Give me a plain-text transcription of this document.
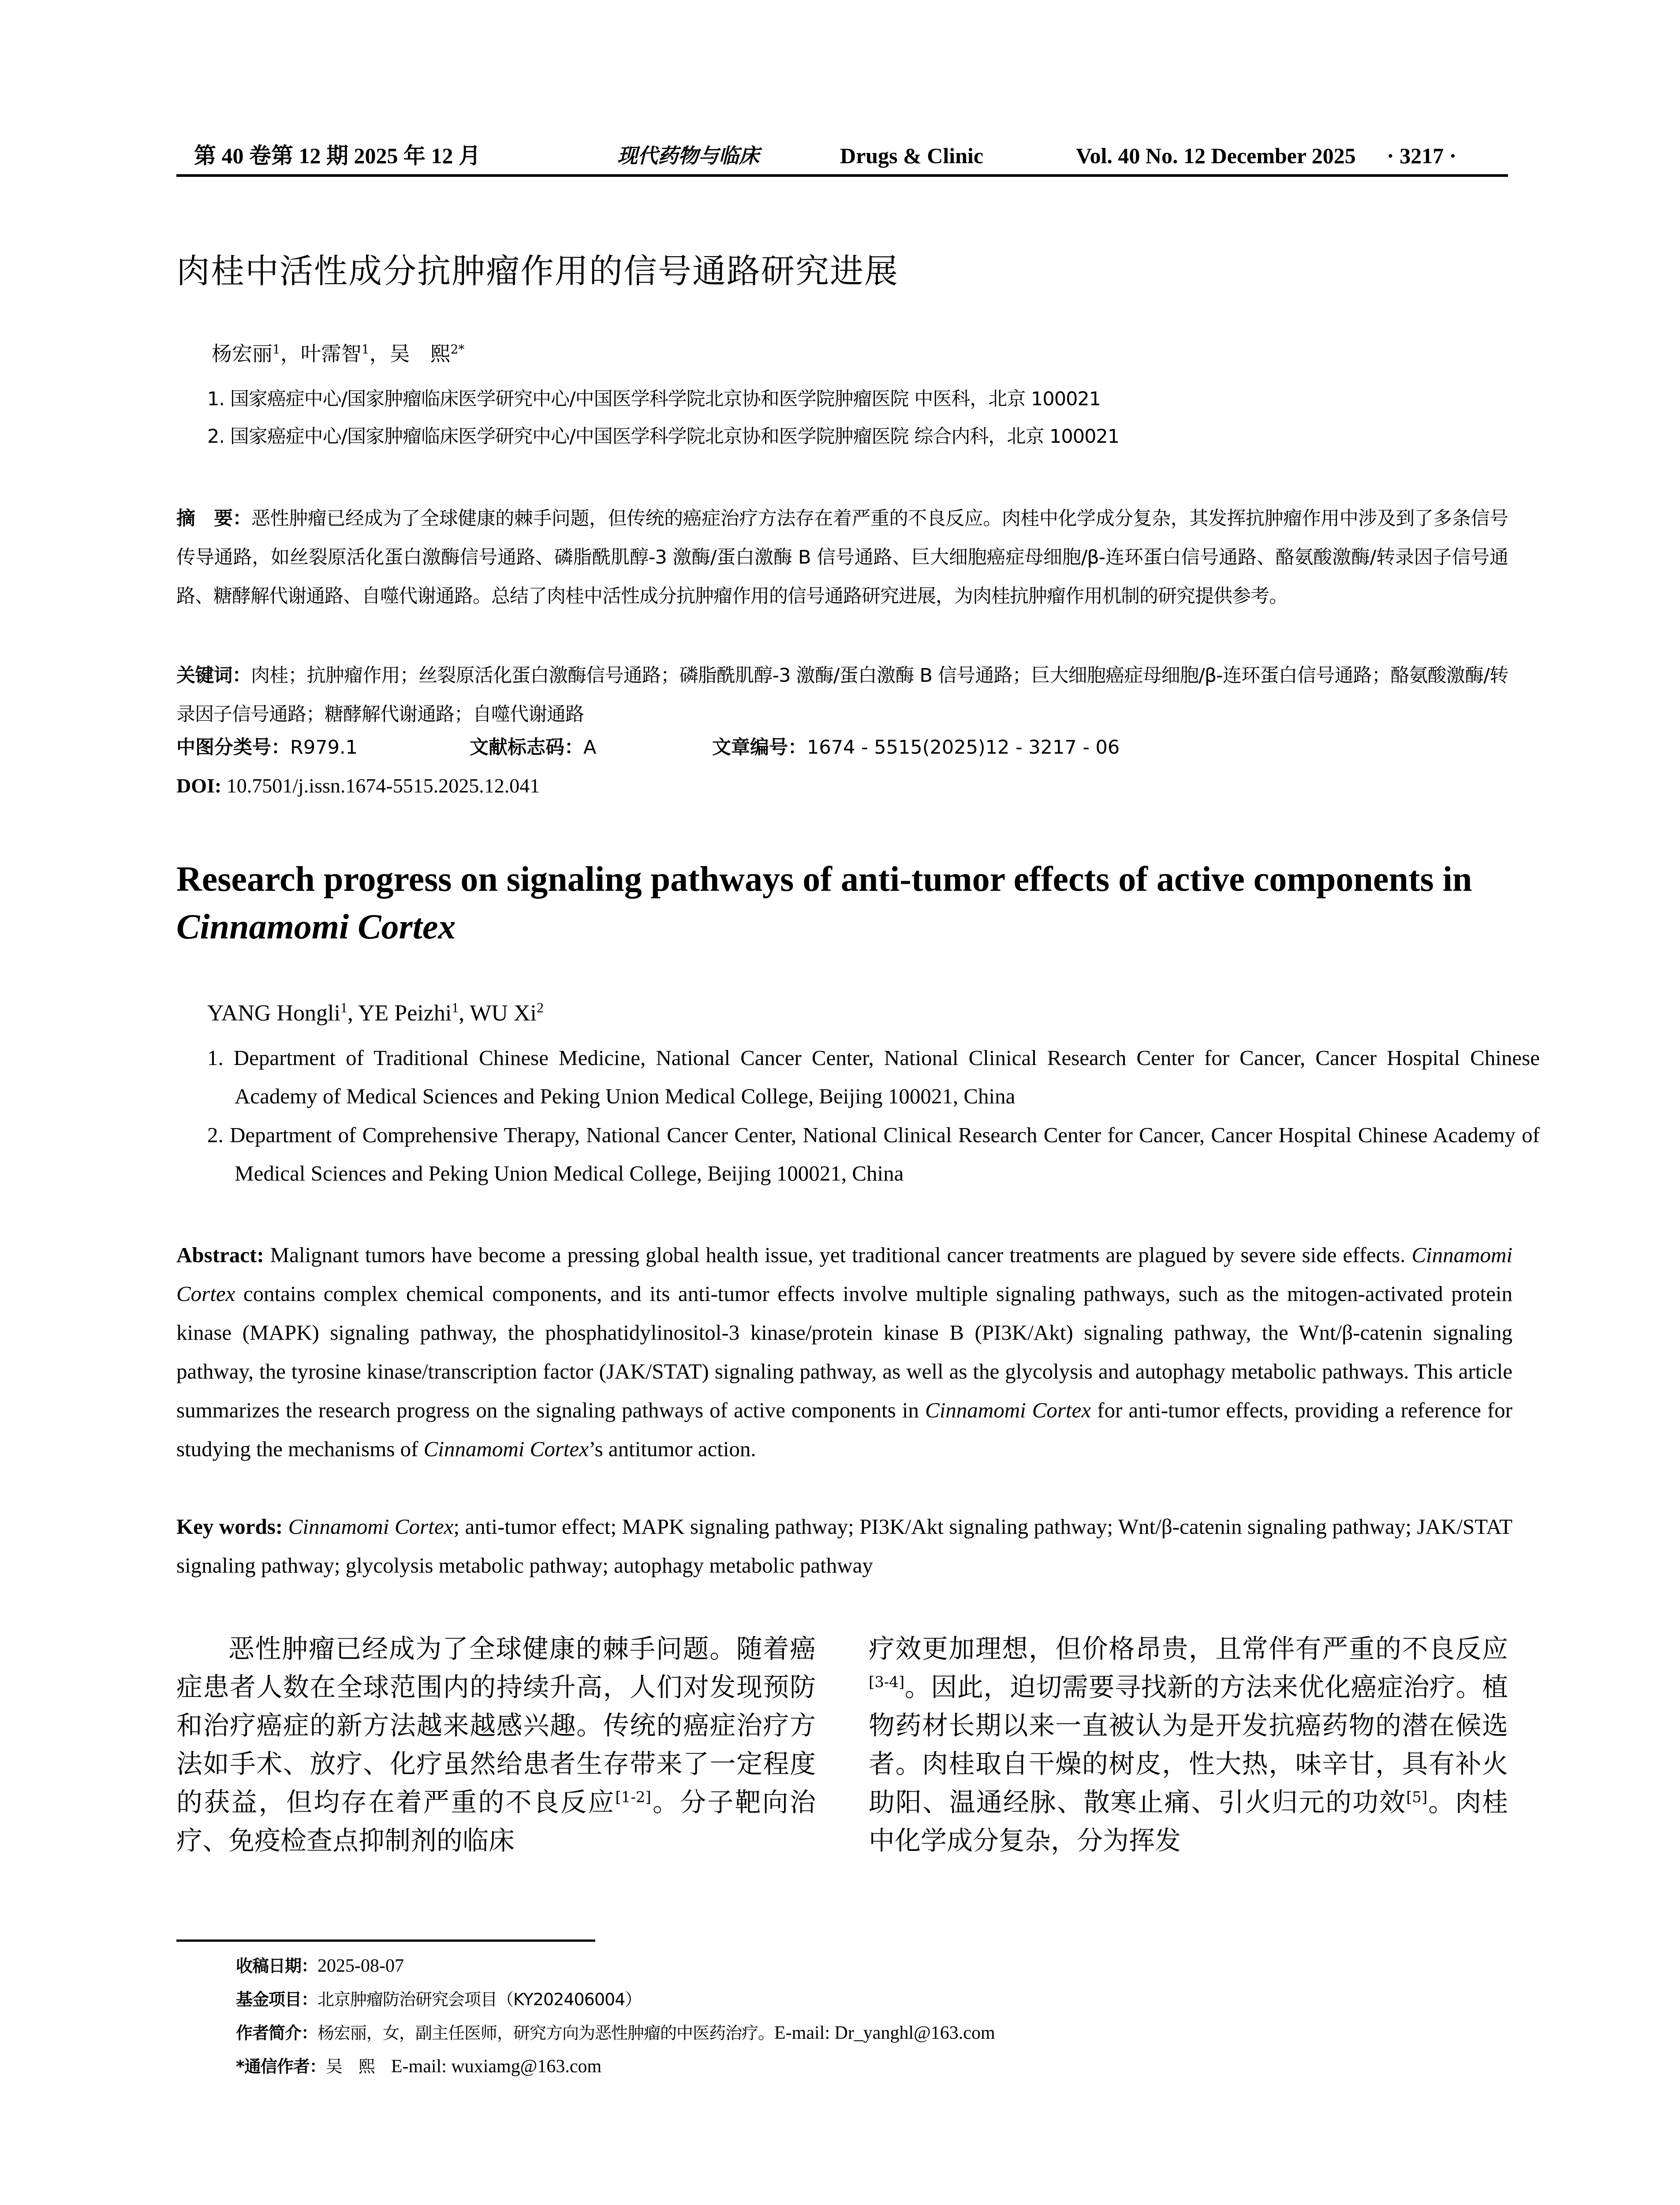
第 40 卷第 12 期 2025 年 12 月	现代药物与临床	Drugs & Clinic	Vol. 40 No. 12 December 2025 · 3217 ·
肉桂中活性成分抗肿瘤作用的信号通路研究进展
杨宏丽$^1$，叶霈智$^1$，吴　熙$^{2*}$
1. 国家癌症中心/国家肿瘤临床医学研究中心/中国医学科学院北京协和医学院肿瘤医院 中医科，北京 100021
2. 国家癌症中心/国家肿瘤临床医学研究中心/中国医学科学院北京协和医学院肿瘤医院 综合内科，北京 100021
摘　要：恶性肿瘤已经成为了全球健康的棘手问题，但传统的癌症治疗方法存在着严重的不良反应。肉桂中化学成分复杂，其发挥抗肿瘤作用中涉及到了多条信号传导通路，如丝裂原活化蛋白激酶信号通路、磷脂酰肌醇-3 激酶/蛋白激酶 B 信号通路、巨大细胞癌症母细胞/β-连环蛋白信号通路、酪氨酸激酶/转录因子信号通路、糖酵解代谢通路、自噬代谢通路。总结了肉桂中活性成分抗肿瘤作用的信号通路研究进展，为肉桂抗肿瘤作用机制的研究提供参考。
关键词：肉桂；抗肿瘤作用；丝裂原活化蛋白激酶信号通路；磷脂酰肌醇-3 激酶/蛋白激酶 B 信号通路；巨大细胞癌症母细胞/β-连环蛋白信号通路；酪氨酸激酶/转录因子信号通路；糖酵解代谢通路；自噬代谢通路
中图分类号： R979.1	文献标志码： A	文章编号： 1674 - 5515(2025)12 - 3217 - 06
DOI: 10.7501/j.issn.1674-5515.2025.12.041
Research progress on signaling pathways of anti-tumor effects of active components in Cinnamomi Cortex
YANG Hongli$^1$, YE Peizhi$^1$, WU Xi$^2$
1. Department of Traditional Chinese Medicine, National Cancer Center, National Clinical Research Center for Cancer, Cancer Hospital Chinese Academy of Medical Sciences and Peking Union Medical College, Beijing 100021, China
2. Department of Comprehensive Therapy, National Cancer Center, National Clinical Research Center for Cancer, Cancer Hospital Chinese Academy of Medical Sciences and Peking Union Medical College, Beijing 100021, China
Abstract: Malignant tumors have become a pressing global health issue, yet traditional cancer treatments are plagued by severe side effects. Cinnamomi Cortex contains complex chemical components, and its anti-tumor effects involve multiple signaling pathways, such as the mitogen-activated protein kinase (MAPK) signaling pathway, the phosphatidylinositol-3 kinase/protein kinase B (PI3K/Akt) signaling pathway, the Wnt/β-catenin signaling pathway, the tyrosine kinase/transcription factor (JAK/STAT) signaling pathway, as well as the glycolysis and autophagy metabolic pathways. This article summarizes the research progress on the signaling pathways of active components in Cinnamomi Cortex for anti-tumor effects, providing a reference for studying the mechanisms of Cinnamomi Cortex’s antitumor action.
Key words: Cinnamomi Cortex; anti-tumor effect; MAPK signaling pathway; PI3K/Akt signaling pathway; Wnt/β-catenin signaling pathway; JAK/STAT signaling pathway; glycolysis metabolic pathway; autophagy metabolic pathway
恶性肿瘤已经成为了全球健康的棘手问题。随着癌症患者人数在全球范围内的持续升高，人们对发现预防和治疗癌症的新方法越来越感兴趣。传统的癌症治疗方法如手术、放疗、化疗虽然给患者生存带来了一定程度的获益，但均存在着严重的不良反应[1-2]。分子靶向治疗、免疫检查点抑制剂的临床
疗效更加理想，但价格昂贵，且常伴有严重的不良反应[3-4]。因此，迫切需要寻找新的方法来优化癌症治疗。植物药材长期以来一直被认为是开发抗癌药物的潜在候选者。肉桂取自干燥的树皮，性大热，味辛甘，具有补火助阳、温通经脉、散寒止痛、引火归元的功效[5]。肉桂中化学成分复杂，分为挥发
收稿日期：2025-08-07
基金项目：北京肿瘤防治研究会项目（KY202406004）
作者简介：杨宏丽，女，副主任医师，研究方向为恶性肿瘤的中医药治疗。E-mail: Dr_yanghl@163.com
*通信作者：吴　熙　 E-mail: wuxiamg@163.com
